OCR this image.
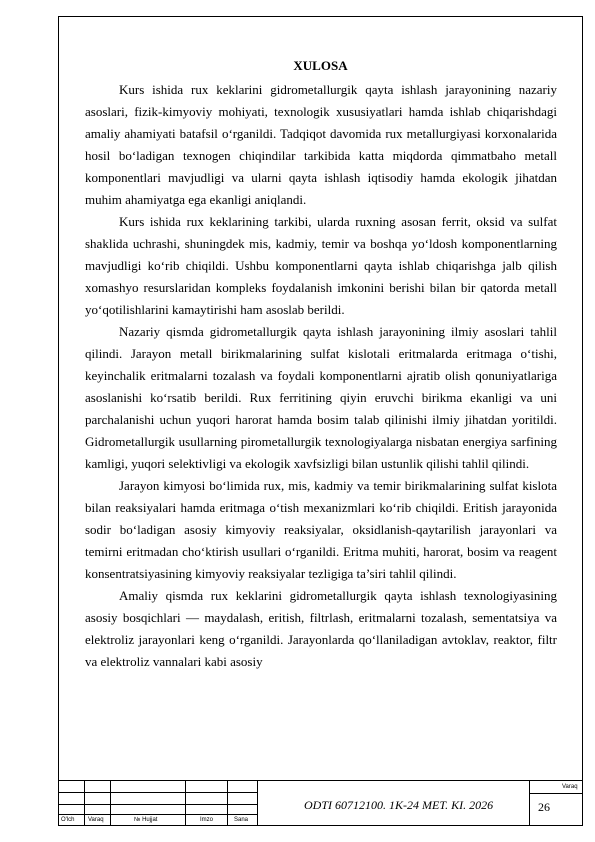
XULOSA

Kurs ishida rux keklarini gidrometallurgik qayta ishlash jarayonining nazariy asoslari, fizik-kimyoviy mohiyati, texnologik xususiyatlari hamda ishlab chiqarishdagi amaliy ahamiyati batafsil o‘rganildi. Tadqiqot davomida rux metallurgiyasi korxonalarida hosil bo‘ladigan texnogen chiqindilar tarkibida katta miqdorda qimmatbaho metall komponentlari mavjudligi va ularni qayta ishlash iqtisodiy hamda ekologik jihatdan muhim ahamiyatga ega ekanligi aniqlandi.

Kurs ishida rux keklarining tarkibi, ularda ruxning asosan ferrit, oksid va sulfat shaklida uchrashi, shuningdek mis, kadmiy, temir va boshqa yo‘ldosh komponentlarning mavjudligi ko‘rib chiqildi. Ushbu komponentlarni qayta ishlab chiqarishga jalb qilish xomashyo resurslaridan kompleks foydalanish imkonini berishi bilan bir qatorda metall yo‘qotilishlarini kamaytirishi ham asoslab berildi.

Nazariy qismda gidrometallurgik qayta ishlash jarayonining ilmiy asoslari tahlil qilindi. Jarayon metall birikmalarining sulfat kislotali eritmalarda eritmaga o‘tishi, keyinchalik eritmalarni tozalash va foydali komponentlarni ajratib olish qonuniyatlariga asoslanishi ko‘rsatib berildi. Rux ferritining qiyin eruvchi birikma ekanligi va uni parchalanishi uchun yuqori harorat hamda bosim talab qilinishi ilmiy jihatdan yoritildi. Gidrometallurgik usullarning pirometallurgik texnologiyalarga nisbatan energiya sarfining kamligi, yuqori selektivligi va ekologik xavfsizligi bilan ustunlik qilishi tahlil qilindi.

Jarayon kimyosi bo‘limida rux, mis, kadmiy va temir birikmalarining sulfat kislota bilan reaksiyalari hamda eritmaga o‘tish mexanizmlari ko‘rib chiqildi. Eritish jarayonida sodir bo‘ladigan asosiy kimyoviy reaksiyalar, oksidlanish-qaytarilish jarayonlari va temirni eritmadan cho‘ktirish usullari o‘rganildi. Eritma muhiti, harorat, bosim va reagent konsentratsiyasining kimyoviy reaksiyalar tezligiga ta’siri tahlil qilindi.

Amaliy qismda rux keklarini gidrometallurgik qayta ishlash texnologiyasining asosiy bosqichlari — maydalash, eritish, filtrlash, eritmalarni tozalash, sementatsiya va elektroliz jarayonlari keng o‘rganildi. Jarayonlarda qo‘llaniladigan avtoklav, reaktor, filtr va elektroliz vannalari kabi asosiy

O'lch Varaq	№ Hujjat	Imzo	Sana
ODTI 60712100. 1K-24 MET. KI. 2026
Varaq
26
